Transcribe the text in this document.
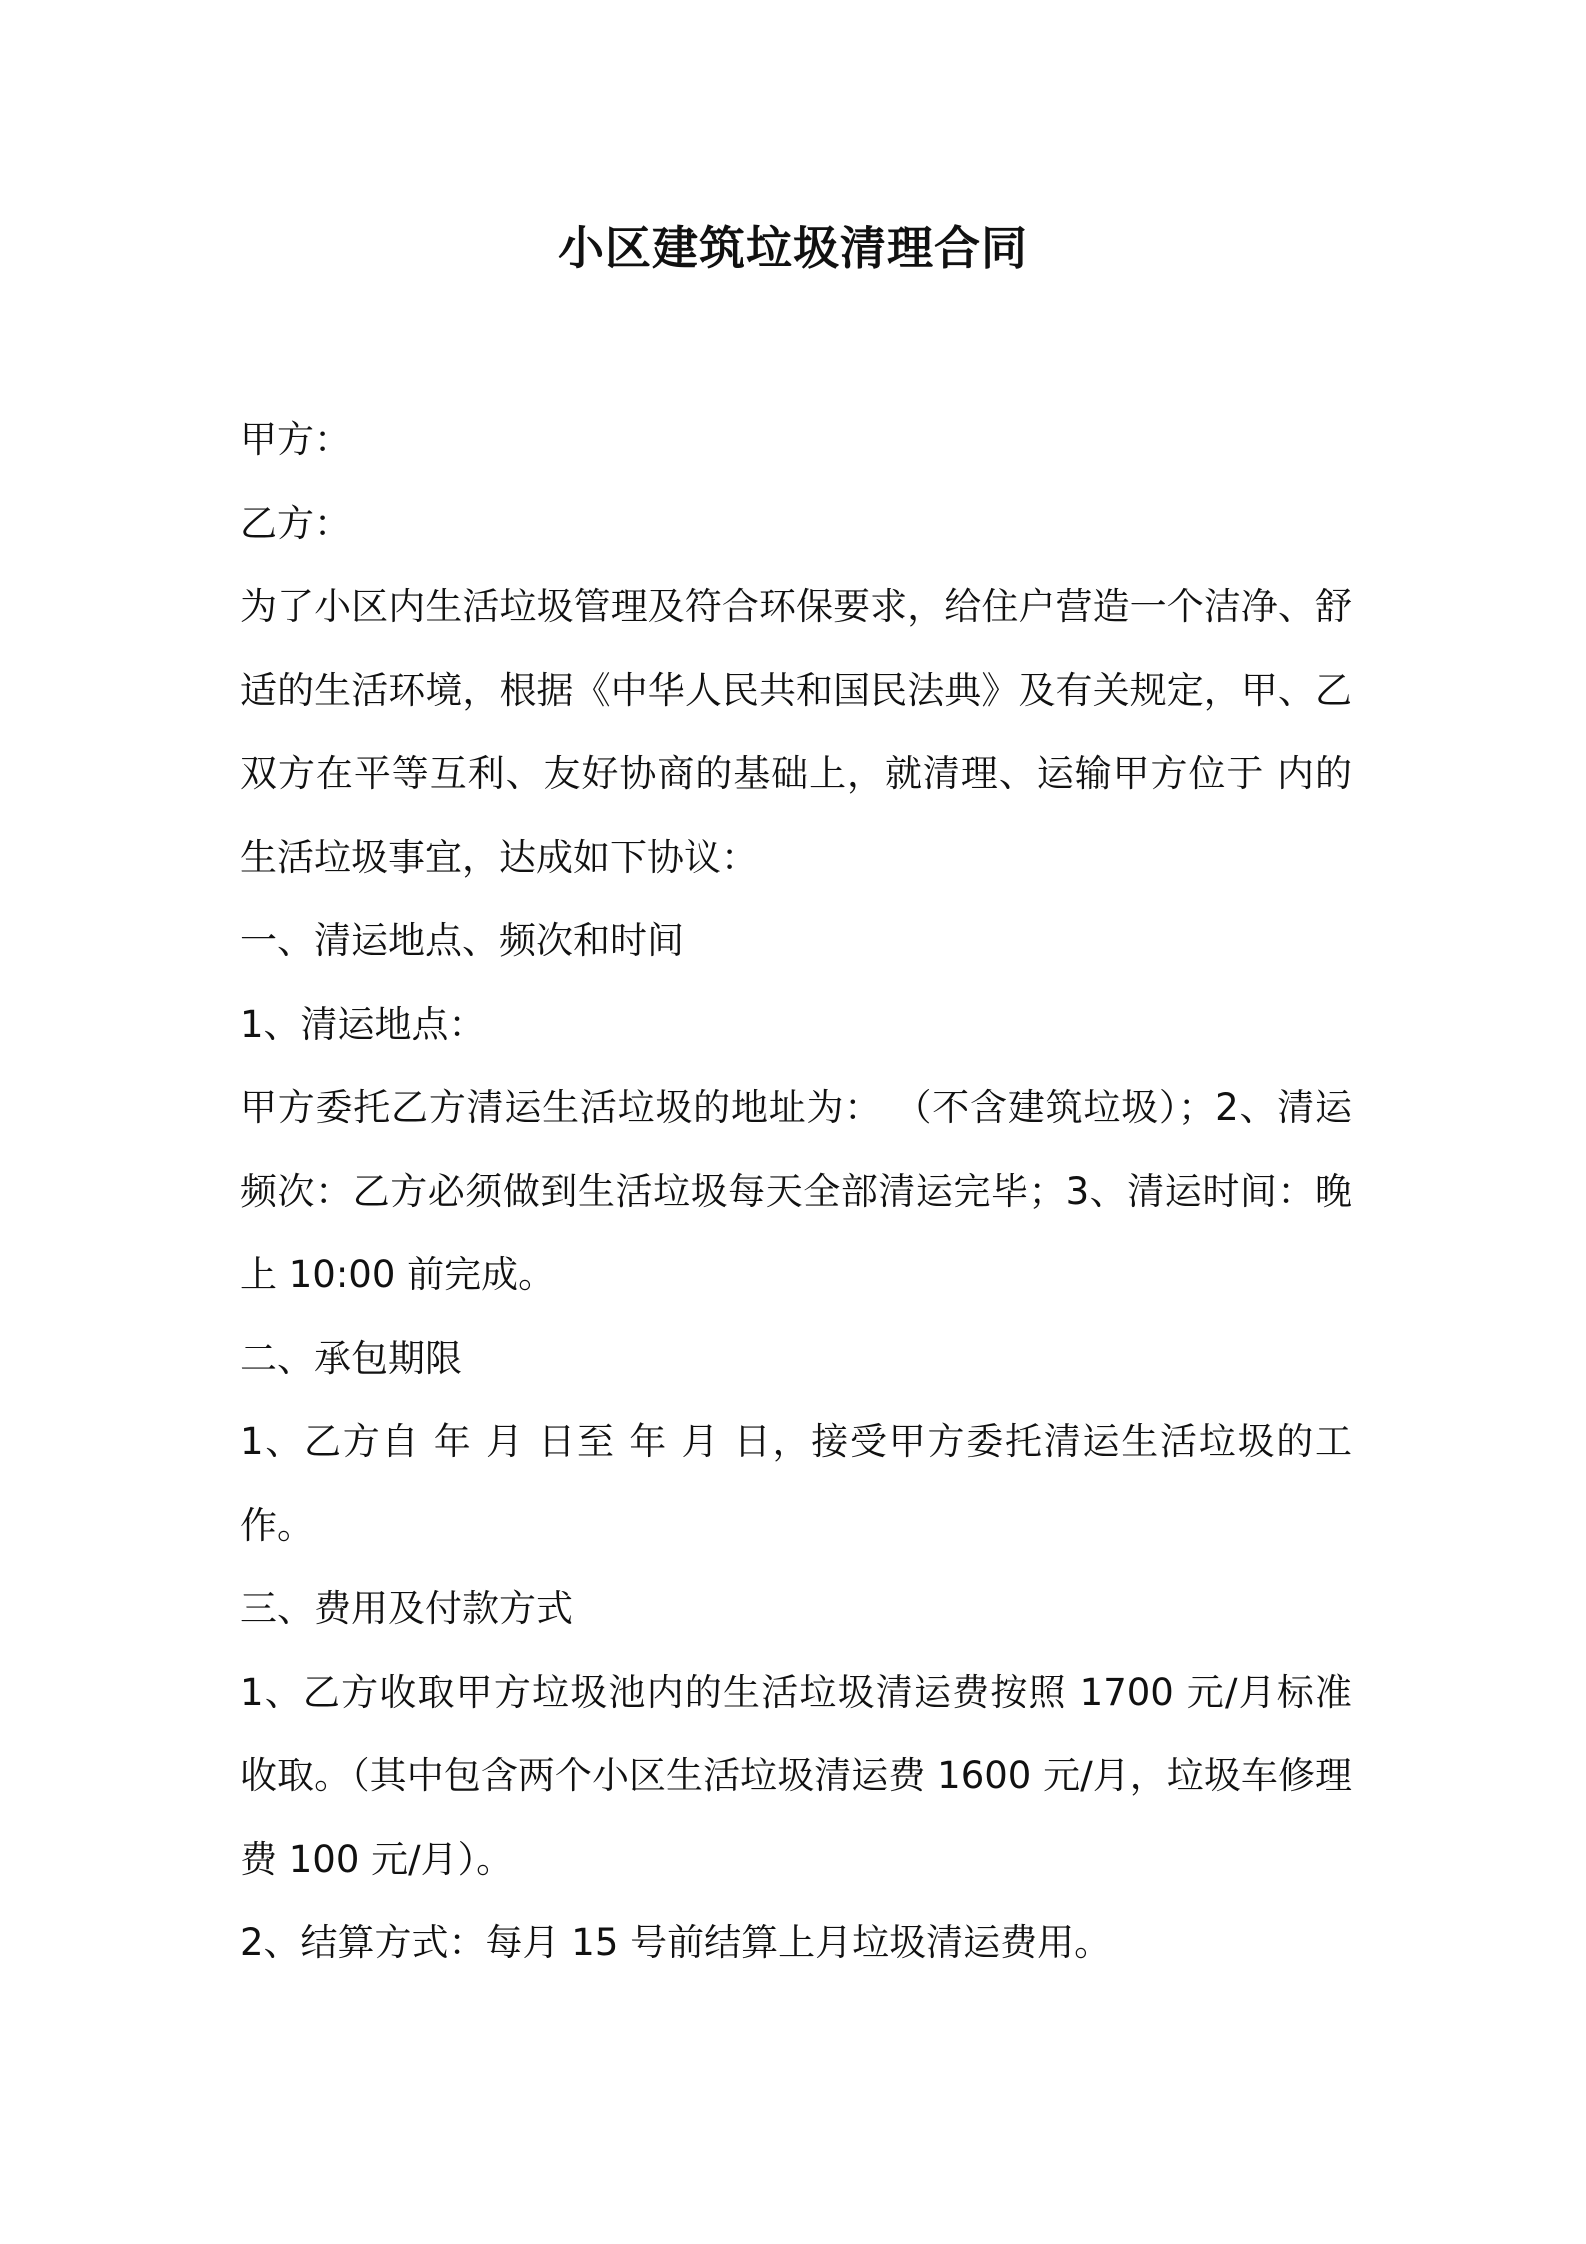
小区建筑垃圾清理合同

甲方：

乙方：

为了小区内生活垃圾管理及符合环保要求，给住户营造一个洁净、舒适的生活环境，根据《中华人民共和国民法典》及有关规定，甲、乙双方在平等互利、友好协商的基础上，就清理、运输甲方位于 内的生活垃圾事宜，达成如下协议：

一、清运地点、频次和时间

1、清运地点：

甲方委托乙方清运生活垃圾的地址为： （不含建筑垃圾）；2、清运频次：乙方必须做到生活垃圾每天全部清运完毕；3、清运时间：晚上 10:00 前完成。

二、承包期限

1、乙方自 年 月 日至 年 月 日，接受甲方委托清运生活垃圾的工作。

三、费用及付款方式

1、乙方收取甲方垃圾池内的生活垃圾清运费按照 1700 元/月标准收取。（其中包含两个小区生活垃圾清运费 1600 元/月，垃圾车修理费 100 元/月）。

2、结算方式：每月 15 号前结算上月垃圾清运费用。
